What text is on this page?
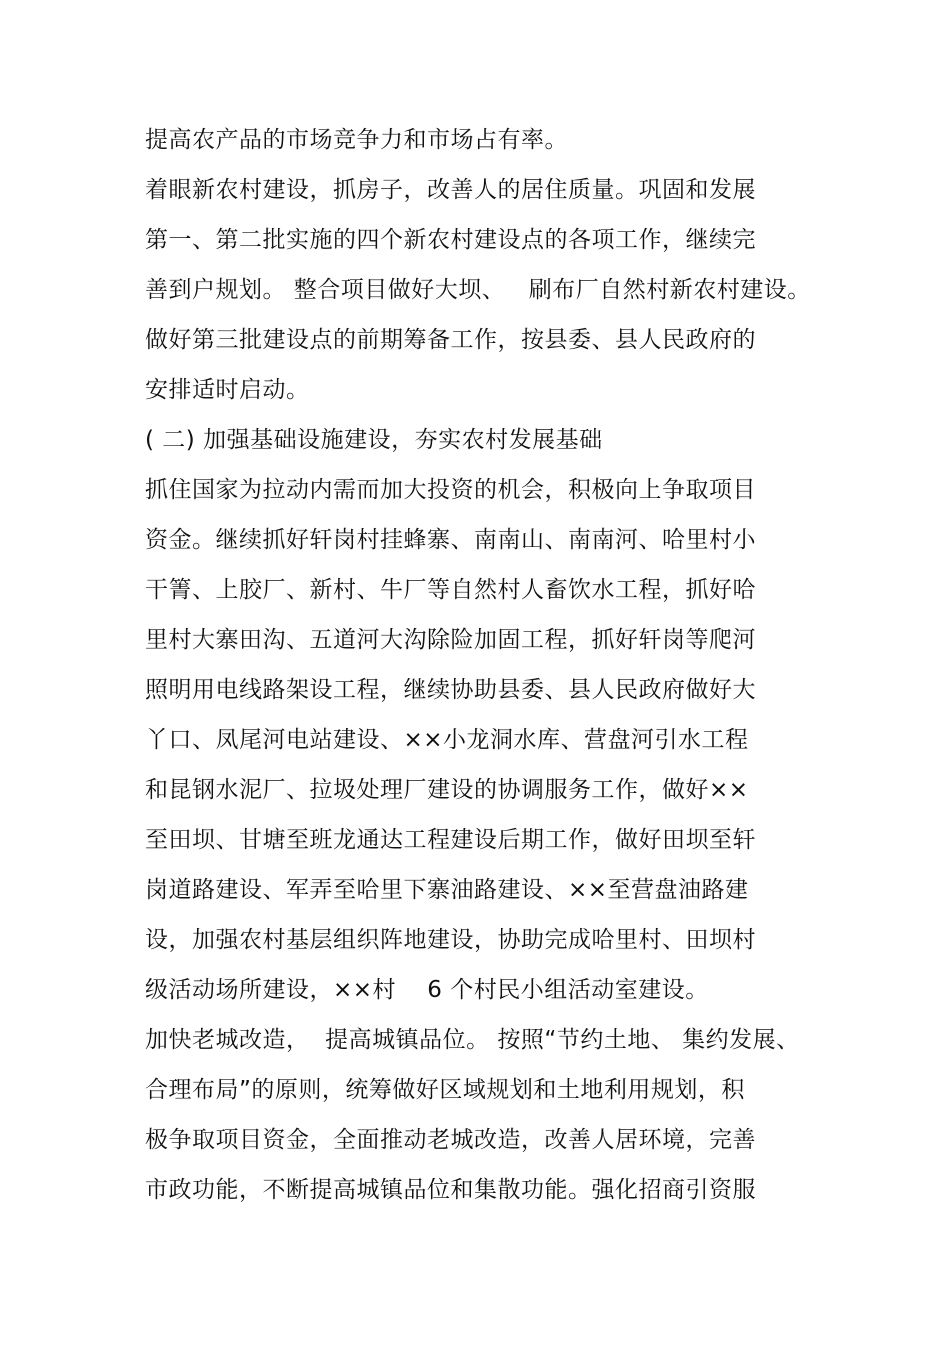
提高农产品的市场竞争力和市场占有率。

着眼新农村建设，抓房子，改善人的居住质量。巩固和发展

第一、第二批实施的四个新农村建设点的各项工作，继续完

善到户规划。 整合项目做好大坝、   刷布厂自然村新农村建设。

做好第三批建设点的前期筹备工作，按县委、县人民政府的

安排适时启动。

( 二) 加强基础设施建设，夯实农村发展基础

抓住国家为拉动内需而加大投资的机会，积极向上争取项目

资金。继续抓好轩岗村挂蜂寨、南南山、南南河、哈里村小

干箐、上胶厂、新村、牛厂等自然村人畜饮水工程，抓好哈

里村大寨田沟、五道河大沟除险加固工程，抓好轩岗等爬河

照明用电线路架设工程，继续协助县委、县人民政府做好大

丫口、凤尾河电站建设、××小龙洞水库、营盘河引水工程

和昆钢水泥厂、拉圾处理厂建设的协调服务工作，做好××

至田坝、甘塘至班龙通达工程建设后期工作，做好田坝至轩

岗道路建设、军弄至哈里下寨油路建设、××至营盘油路建

设，加强农村基层组织阵地建设，协助完成哈里村、田坝村

级活动场所建设，××村    6 个村民小组活动室建设。

加快老城改造，  提高城镇品位。 按照“节约土地、 集约发展、

合理布局”的原则，统筹做好区域规划和土地利用规划，积

极争取项目资金，全面推动老城改造，改善人居环境，完善

市政功能，不断提高城镇品位和集散功能。强化招商引资服
